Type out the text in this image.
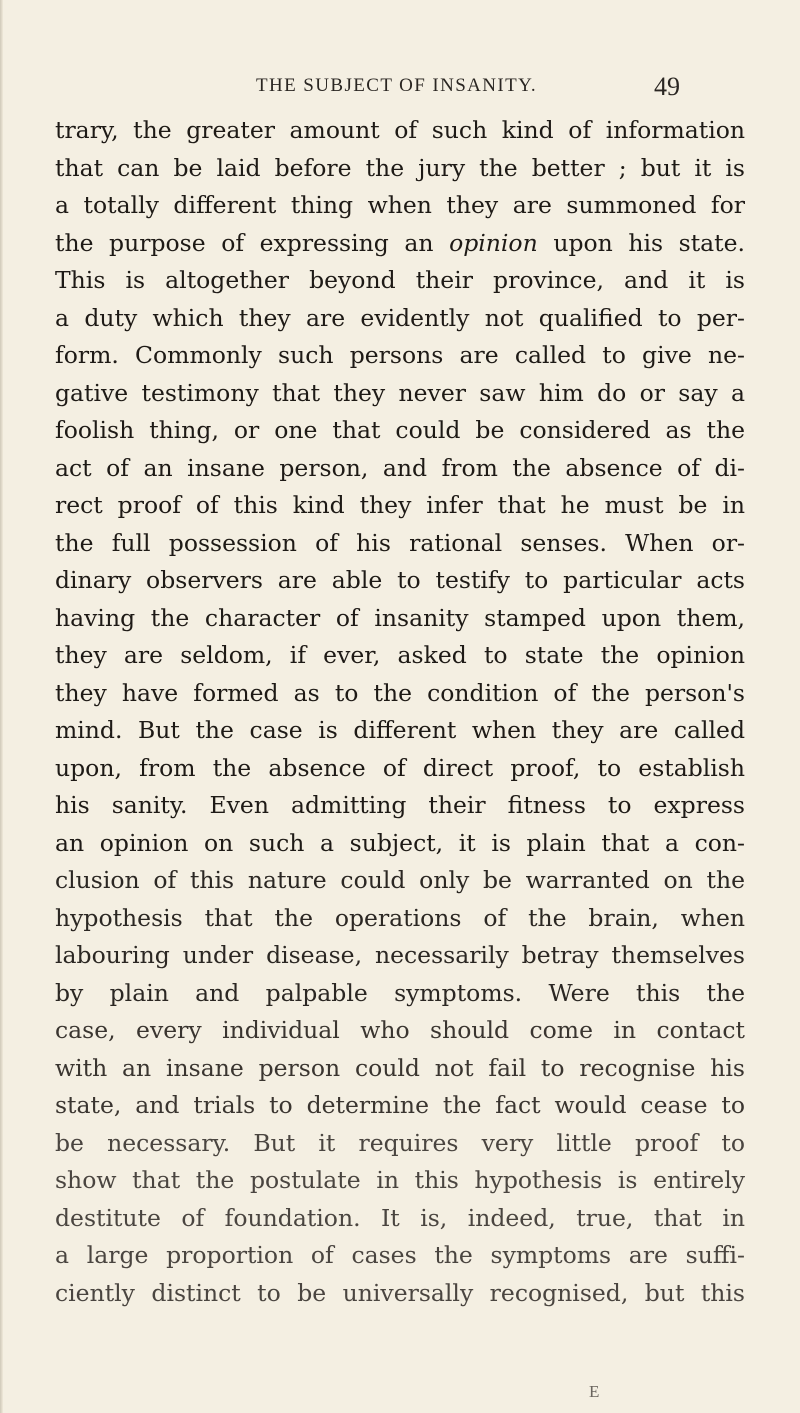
THE SUBJECT OF INSANITY.	49
trary, the greater amount of such kind of information
that can be laid before the jury the better ; but it is
a totally different thing when they are summoned for
the purpose of expressing an opinion upon his state.
This is altogether beyond their province, and it is
a duty which they are evidently not qualified to per-
form. Commonly such persons are called to give ne-
gative testimony that they never saw him do or say a
foolish thing, or one that could be considered as the
act of an insane person, and from the absence of di-
rect proof of this kind they infer that he must be in
the full possession of his rational senses. When or-
dinary observers are able to testify to particular acts
having the character of insanity stamped upon them,
they are seldom, if ever, asked to state the opinion
they have formed as to the condition of the person's
mind. But the case is different when they are called
upon, from the absence of direct proof, to establish
his sanity. Even admitting their fitness to express
an opinion on such a subject, it is plain that a con-
clusion of this nature could only be warranted on the
hypothesis that the operations of the brain, when
labouring under disease, necessarily betray themselves
by plain and palpable symptoms. Were this the
case, every individual who should come in contact
with an insane person could not fail to recognise his
state, and trials to determine the fact would cease to
be necessary. But it requires very little proof to
show that the postulate in this hypothesis is entirely
destitute of foundation. It is, indeed, true, that in
a large proportion of cases the symptoms are suffi-
ciently distinct to be universally recognised, but this
E
